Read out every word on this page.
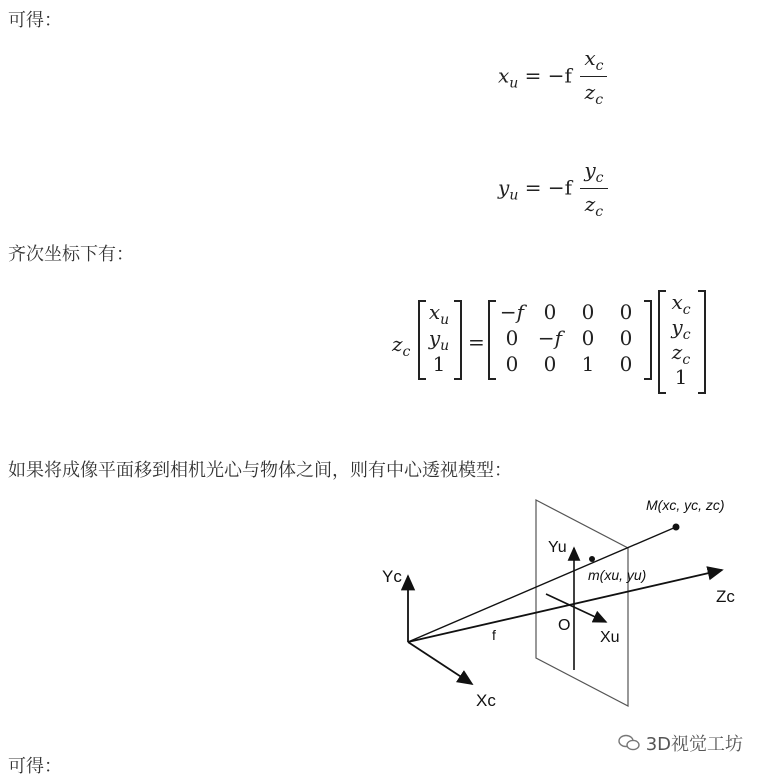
可得：
$x_u = -f \frac{x_c}{z_c}$
$y_u = -f \frac{y_c}{z_c}$
齐次坐标下有：
$z_c$
$x_u$
$y_u$
1
=
−f 0	0	0
0 −f 0	0
0	0	1	0
$x_c$
$y_c$
$z_c$
1
如果将成像平面移到相机光心与物体之间，则有中心透视模型：
Yc
Xc
Zc
Yu
Xu
O
f
M(xc, yc, zc)
m(xu, yu)
3D视觉工坊
可得：
